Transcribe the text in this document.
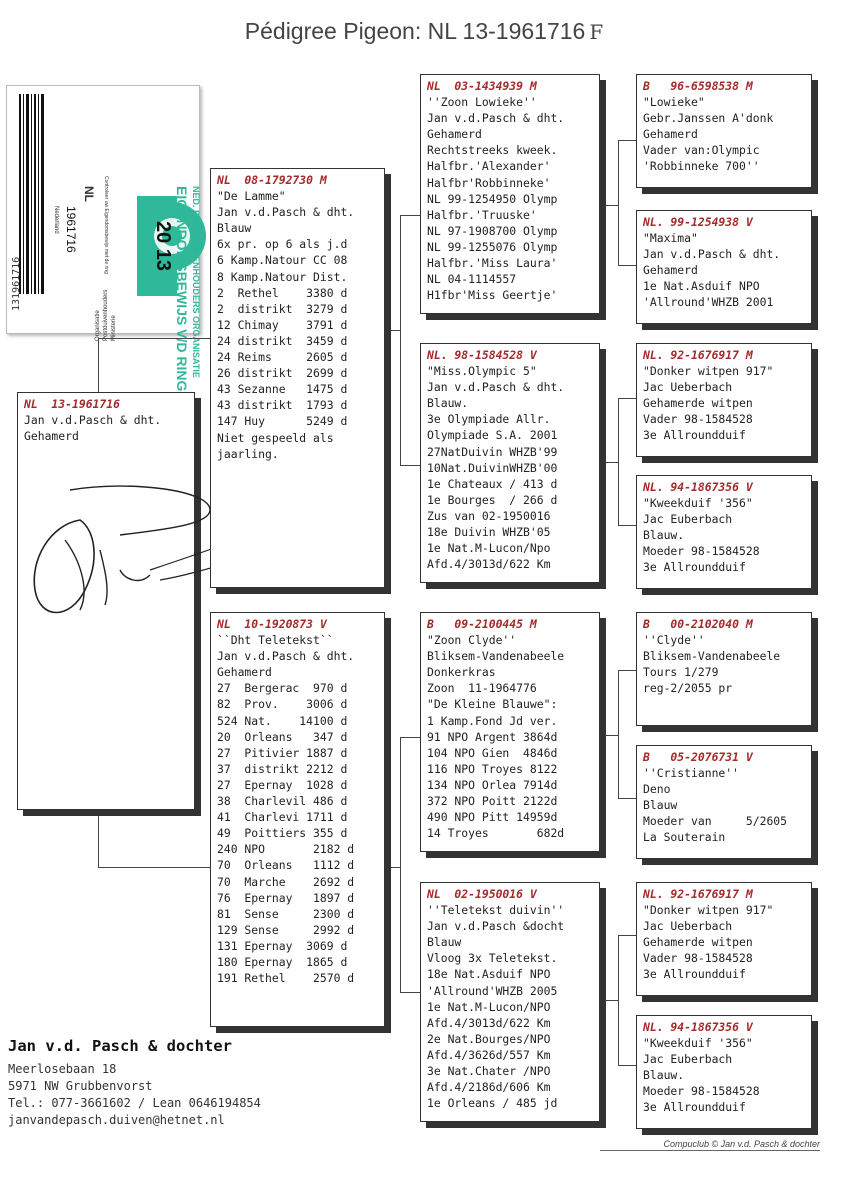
Pédigree Pigeon: NL 13-1961716 F
131961716	NED. POSTDUIVENHOUDERS ORGANISATIE
EIGENDOMSBEWIJS V/D RING
20 13
NL
1961716
Nederland	Controleer uw Eigendomsbewijs met de ring
Ministerie
Postduivenhouders
Organisatie
NL  13-1961716
Jan v.d.Pasch & dht.
Gehamerd
NL  08-1792730 M
"De Lamme"
Jan v.d.Pasch & dht.
Blauw
6x pr. op 6 als j.d
6 Kamp.Natour CC 08
8 Kamp.Natour Dist.
2  Rethel    3380 d
2  distrikt  3279 d
12 Chimay    3791 d
24 distrikt  3459 d
24 Reims     2605 d
26 distrikt  2699 d
43 Sezanne   1475 d
43 distrikt  1793 d
147 Huy      5249 d
Niet gespeeld als
jaarling.
NL  10-1920873 V
``Dht Teletekst``
Jan v.d.Pasch & dht.
Gehamerd
27  Bergerac  970 d
82  Prov.    3006 d
524 Nat.    14100 d
20  Orleans   347 d
27  Pitivier 1887 d
37  distrikt 2212 d
27  Epernay  1028 d
38  Charlevil 486 d
41  Charlevi 1711 d
49  Poittiers 355 d
240 NPO       2182 d
70  Orleans   1112 d
70  Marche    2692 d
76  Epernay   1897 d
81  Sense     2300 d
129 Sense     2992 d
131 Epernay  3069 d
180 Epernay  1865 d
191 Rethel    2570 d
NL  03-1434939 M
''Zoon Lowieke''
Jan v.d.Pasch & dht.
Gehamerd
Rechtstreeks kweek.
Halfbr.'Alexander'
Halfbr'Robbinneke'
NL 99-1254950 Olymp
Halfbr.'Truuske'
NL 97-1908700 Olymp
NL 99-1255076 Olymp
Halfbr.'Miss Laura'
NL 04-1114557
H1fbr'Miss Geertje'
NL. 98-1584528 V
"Miss.Olympic 5"
Jan v.d.Pasch & dht.
Blauw.
3e Olympiade Allr.
Olympiade S.A. 2001
27NatDuivin WHZB'99
10Nat.DuivinWHZB'00
1e Chateaux / 413 d
1e Bourges  / 266 d
Zus van 02-1950016
18e Duivin WHZB'05
1e Nat.M-Lucon/Npo
Afd.4/3013d/622 Km
B   09-2100445 M
"Zoon Clyde''
Bliksem-Vandenabeele
Donkerkras
Zoon  11-1964776
"De Kleine Blauwe":
1 Kamp.Fond Jd ver.
91 NPO Argent 3864d
104 NPO Gien  4846d
116 NPO Troyes 8122
134 NPO Orlea 7914d
372 NPO Poitt 2122d
490 NPO Pitt 14959d
14 Troyes       682d
NL  02-1950016 V
''Teletekst duivin''
Jan v.d.Pasch &docht
Blauw
Vloog 3x Teletekst.
18e Nat.Asduif NPO
'Allround'WHZB 2005
1e Nat.M-Lucon/NPO
Afd.4/3013d/622 Km
2e Nat.Bourges/NPO
Afd.4/3626d/557 Km
3e Nat.Chater /NPO
Afd.4/2186d/606 Km
1e Orleans / 485 jd
B   96-6598538 M
"Lowieke"
Gebr.Janssen A'donk
Gehamerd
Vader van:Olympic
'Robbinneke 700''
NL. 99-1254938 V
"Maxima"
Jan v.d.Pasch & dht.
Gehamerd
1e Nat.Asduif NPO
'Allround'WHZB 2001
NL. 92-1676917 M
"Donker witpen 917"
Jac Ueberbach
Gehamerde witpen
Vader 98-1584528
3e Allroundduif
NL. 94-1867356 V
"Kweekduif '356"
Jac Euberbach
Blauw.
Moeder 98-1584528
3e Allroundduif
B   00-2102040 M
''Clyde''
Bliksem-Vandenabeele
Tours 1/279
reg-2/2055 pr
B   05-2076731 V
''Cristianne''
Deno
Blauw
Moeder van     5/2605
La Souterain
NL. 92-1676917 M
"Donker witpen 917"
Jac Ueberbach
Gehamerde witpen
Vader 98-1584528
3e Allroundduif
NL. 94-1867356 V
"Kweekduif '356"
Jac Euberbach
Blauw.
Moeder 98-1584528
3e Allroundduif
Jan v.d. Pasch & dochter
Meerlosebaan 18
5971 NW Grubbenvorst
Tel.: 077-3661602 / Lean 0646194854
janvandepasch.duiven@hetnet.nl
Compuclub © Jan v.d. Pasch & dochter
